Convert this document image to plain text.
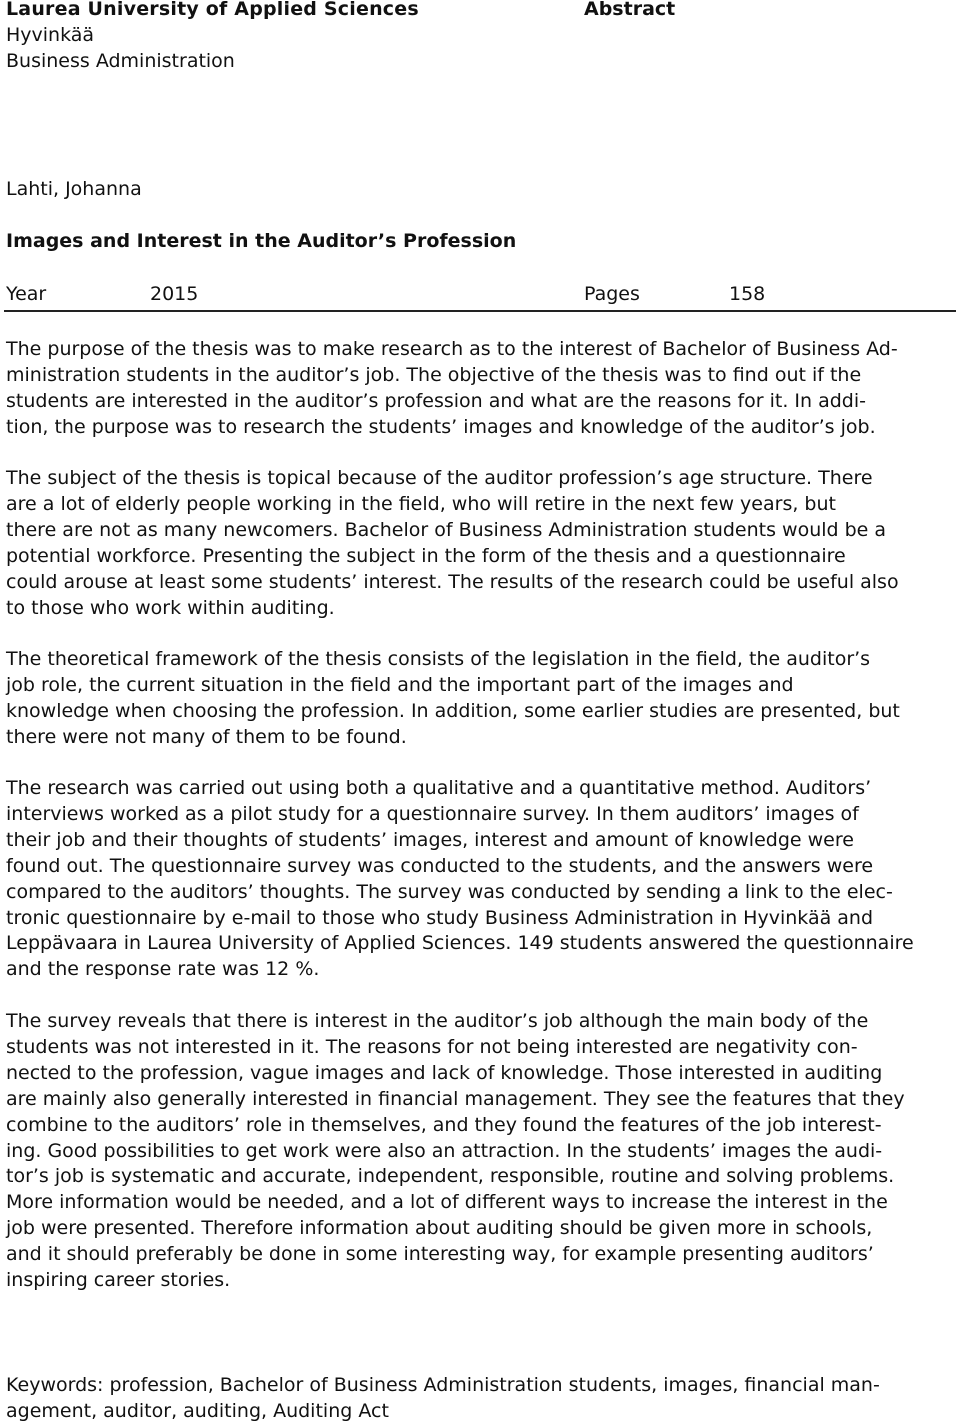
Laurea University of Applied Sciences
Hyvinkää
Business Administration
Abstract
Lahti, Johanna
Images and Interest in the Auditor’s Profession
Year	2015	Pages	158
The purpose of the thesis was to make research as to the interest of Bachelor of Business Ad-
ministration students in the auditor’s job. The objective of the thesis was to find out if the
students are interested in the auditor’s profession and what are the reasons for it. In addi-
tion, the purpose was to research the students’ images and knowledge of the auditor’s job.
The subject of the thesis is topical because of the auditor profession’s age structure. There
are a lot of elderly people working in the field, who will retire in the next few years, but
there are not as many newcomers. Bachelor of Business Administration students would be a
potential workforce. Presenting the subject in the form of the thesis and a questionnaire
could arouse at least some students’ interest. The results of the research could be useful also
to those who work within auditing.
The theoretical framework of the thesis consists of the legislation in the field, the auditor’s
job role, the current situation in the field and the important part of the images and
knowledge when choosing the profession. In addition, some earlier studies are presented, but
there were not many of them to be found.
The research was carried out using both a qualitative and a quantitative method. Auditors’
interviews worked as a pilot study for a questionnaire survey. In them auditors’ images of
their job and their thoughts of students’ images, interest and amount of knowledge were
found out. The questionnaire survey was conducted to the students, and the answers were
compared to the auditors’ thoughts. The survey was conducted by sending a link to the elec-
tronic questionnaire by e-mail to those who study Business Administration in Hyvinkää and
Leppävaara in Laurea University of Applied Sciences. 149 students answered the questionnaire
and the response rate was 12 %.
The survey reveals that there is interest in the auditor’s job although the main body of the
students was not interested in it. The reasons for not being interested are negativity con-
nected to the profession, vague images and lack of knowledge. Those interested in auditing
are mainly also generally interested in financial management. They see the features that they
combine to the auditors’ role in themselves, and they found the features of the job interest-
ing. Good possibilities to get work were also an attraction. In the students’ images the audi-
tor’s job is systematic and accurate, independent, responsible, routine and solving problems.
More information would be needed, and a lot of different ways to increase the interest in the
job were presented. Therefore information about auditing should be given more in schools,
and it should preferably be done in some interesting way, for example presenting auditors’
inspiring career stories.
Keywords: profession, Bachelor of Business Administration students, images, financial man-
agement, auditor, auditing, Auditing Act
